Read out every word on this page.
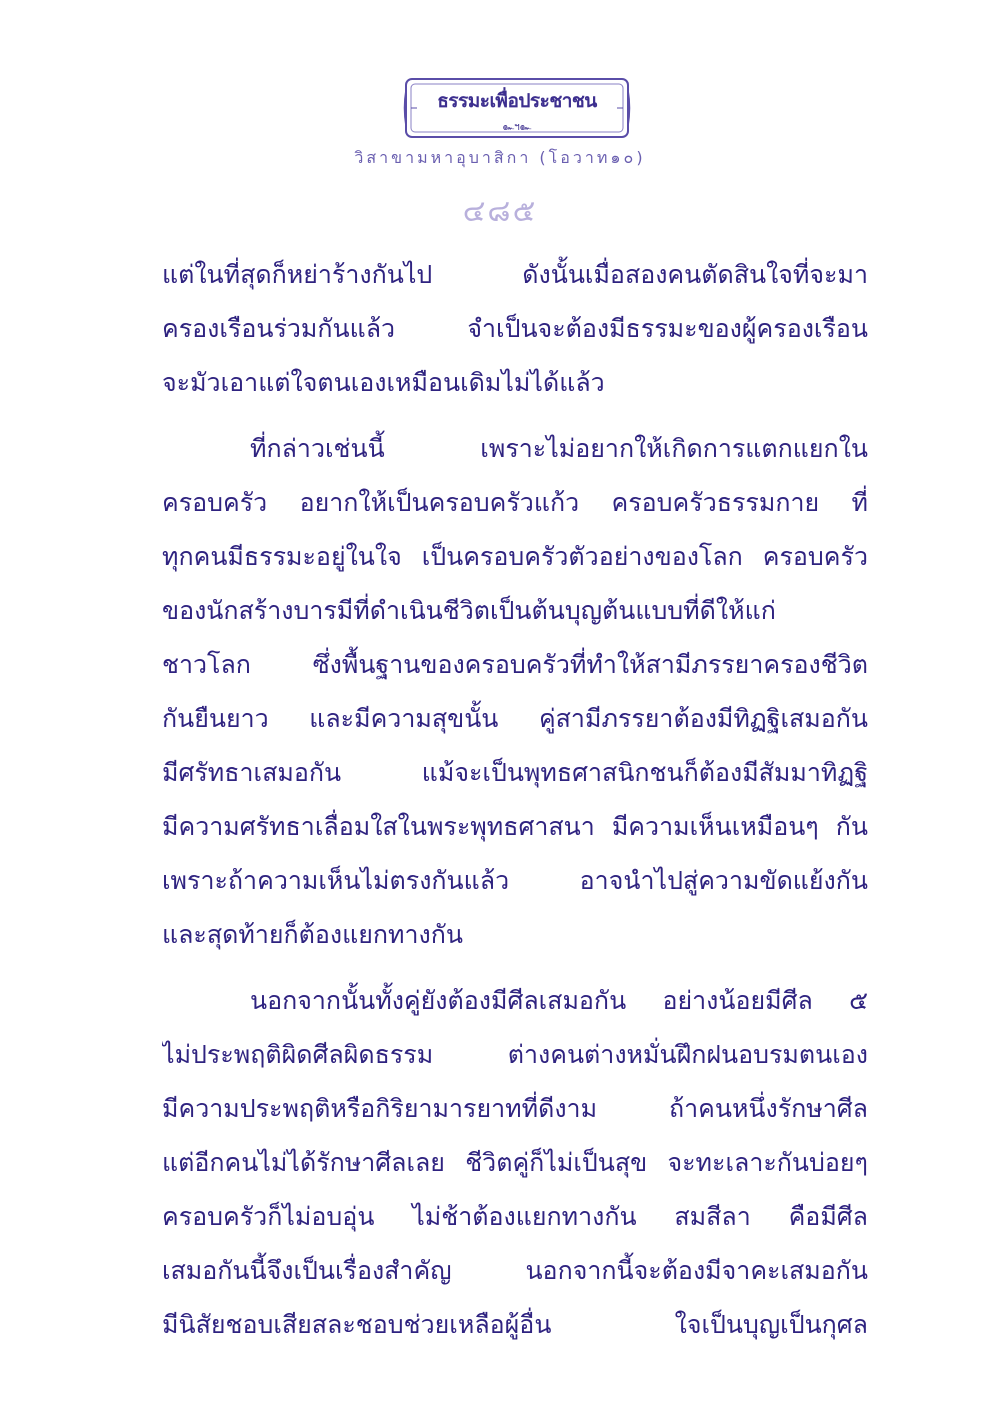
ธรรมะเพื่อประชาชน
๛ฯ๛
วิสาขามหาอุบาสิกา (โอวาท๑๐)
๔๘๕
แต่ในที่สุดก็หย่าร้างกันไป ดังนั้นเมื่อสองคนตัดสินใจที่จะมา
ครองเรือนร่วมกันแล้ว จำเป็นจะต้องมีธรรมะของผู้ครองเรือน
จะมัวเอาแต่ใจตนเองเหมือนเดิมไม่ได้แล้ว
ที่กล่าวเช่นนี้ เพราะไม่อยากให้เกิดการแตกแยกใน
ครอบครัว อยากให้เป็นครอบครัวแก้ว ครอบครัวธรรมกาย ที่
ทุกคนมีธรรมะอยู่ในใจ เป็นครอบครัวตัวอย่างของโลก ครอบครัว
ของนักสร้างบารมีที่ดำเนินชีวิตเป็นต้นบุญต้นแบบที่ดีให้แก่
ชาวโลก ซึ่งพื้นฐานของครอบครัวที่ทำให้สามีภรรยาครองชีวิต
กันยืนยาว และมีความสุขนั้น คู่สามีภรรยาต้องมีทิฏฐิเสมอกัน
มีศรัทธาเสมอกัน แม้จะเป็นพุทธศาสนิกชนก็ต้องมีสัมมาทิฏฐิ
มีความศรัทธาเลื่อมใสในพระพุทธศาสนา มีความเห็นเหมือนๆ กัน
เพราะถ้าความเห็นไม่ตรงกันแล้ว อาจนำไปสู่ความขัดแย้งกัน
และสุดท้ายก็ต้องแยกทางกัน
นอกจากนั้นทั้งคู่ยังต้องมีศีลเสมอกัน อย่างน้อยมีศีล ๕
ไม่ประพฤติผิดศีลผิดธรรม ต่างคนต่างหมั่นฝึกฝนอบรมตนเอง
มีความประพฤติหรือกิริยามารยาทที่ดีงาม ถ้าคนหนึ่งรักษาศีล
แต่อีกคนไม่ได้รักษาศีลเลย ชีวิตคู่ก็ไม่เป็นสุข จะทะเลาะกันบ่อยๆ
ครอบครัวก็ไม่อบอุ่น ไม่ช้าต้องแยกทางกัน สมสีลา คือมีศีล
เสมอกันนี้จึงเป็นเรื่องสำคัญ นอกจากนี้จะต้องมีจาคะเสมอกัน
มีนิสัยชอบเสียสละชอบช่วยเหลือผู้อื่น ใจเป็นบุญเป็นกุศล
